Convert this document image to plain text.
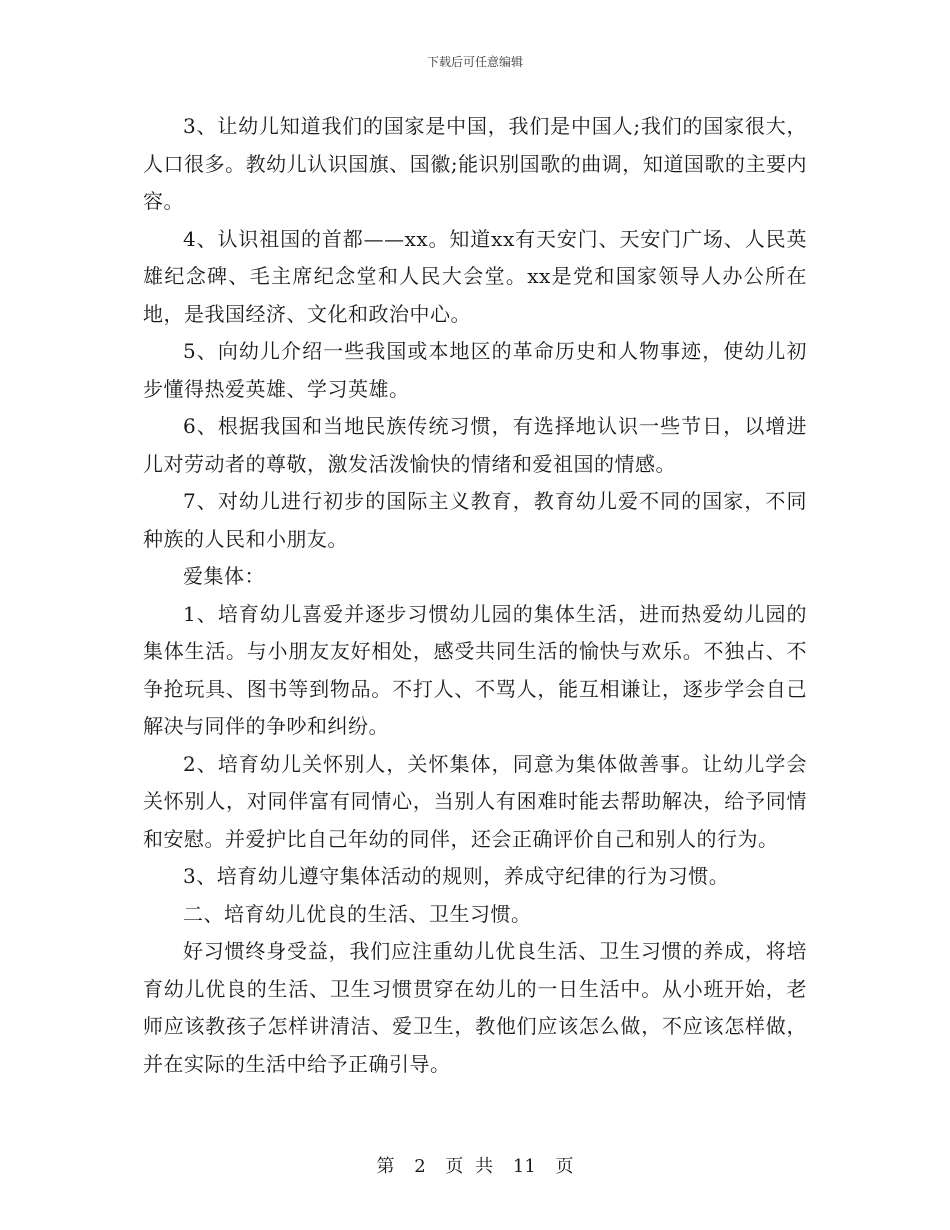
下载后可任意编辑

3、让幼儿知道我们的国家是中国，我们是中国人;我们的国家很大，人口很多。教幼儿认识国旗、国徽;能识别国歌的曲调，知道国歌的主要内容。

4、认识祖国的首都——xx。知道xx有天安门、天安门广场、人民英雄纪念碑、毛主席纪念堂和人民大会堂。xx是党和国家领导人办公所在地，是我国经济、文化和政治中心。

5、向幼儿介绍一些我国或本地区的革命历史和人物事迹，使幼儿初步懂得热爱英雄、学习英雄。

6、根据我国和当地民族传统习惯，有选择地认识一些节日，以增进儿对劳动者的尊敬，激发活泼愉快的情绪和爱祖国的情感。

7、对幼儿进行初步的国际主义教育，教育幼儿爱不同的国家，不同种族的人民和小朋友。

爱集体：

1、培育幼儿喜爱并逐步习惯幼儿园的集体生活，进而热爱幼儿园的集体生活。与小朋友友好相处，感受共同生活的愉快与欢乐。不独占、不争抢玩具、图书等到物品。不打人、不骂人，能互相谦让，逐步学会自己解决与同伴的争吵和纠纷。

2、培育幼儿关怀别人，关怀集体，同意为集体做善事。让幼儿学会关怀别人，对同伴富有同情心，当别人有困难时能去帮助解决，给予同情和安慰。并爱护比自己年幼的同伴，还会正确评价自己和别人的行为。

3、培育幼儿遵守集体活动的规则，养成守纪律的行为习惯。

二、培育幼儿优良的生活、卫生习惯。

好习惯终身受益，我们应注重幼儿优良生活、卫生习惯的养成，将培育幼儿优良的生活、卫生习惯贯穿在幼儿的一日生活中。从小班开始，老师应该教孩子怎样讲清洁、爱卫生，教他们应该怎么做，不应该怎样做，并在实际的生活中给予正确引导。

第 2 页 共 11 页
